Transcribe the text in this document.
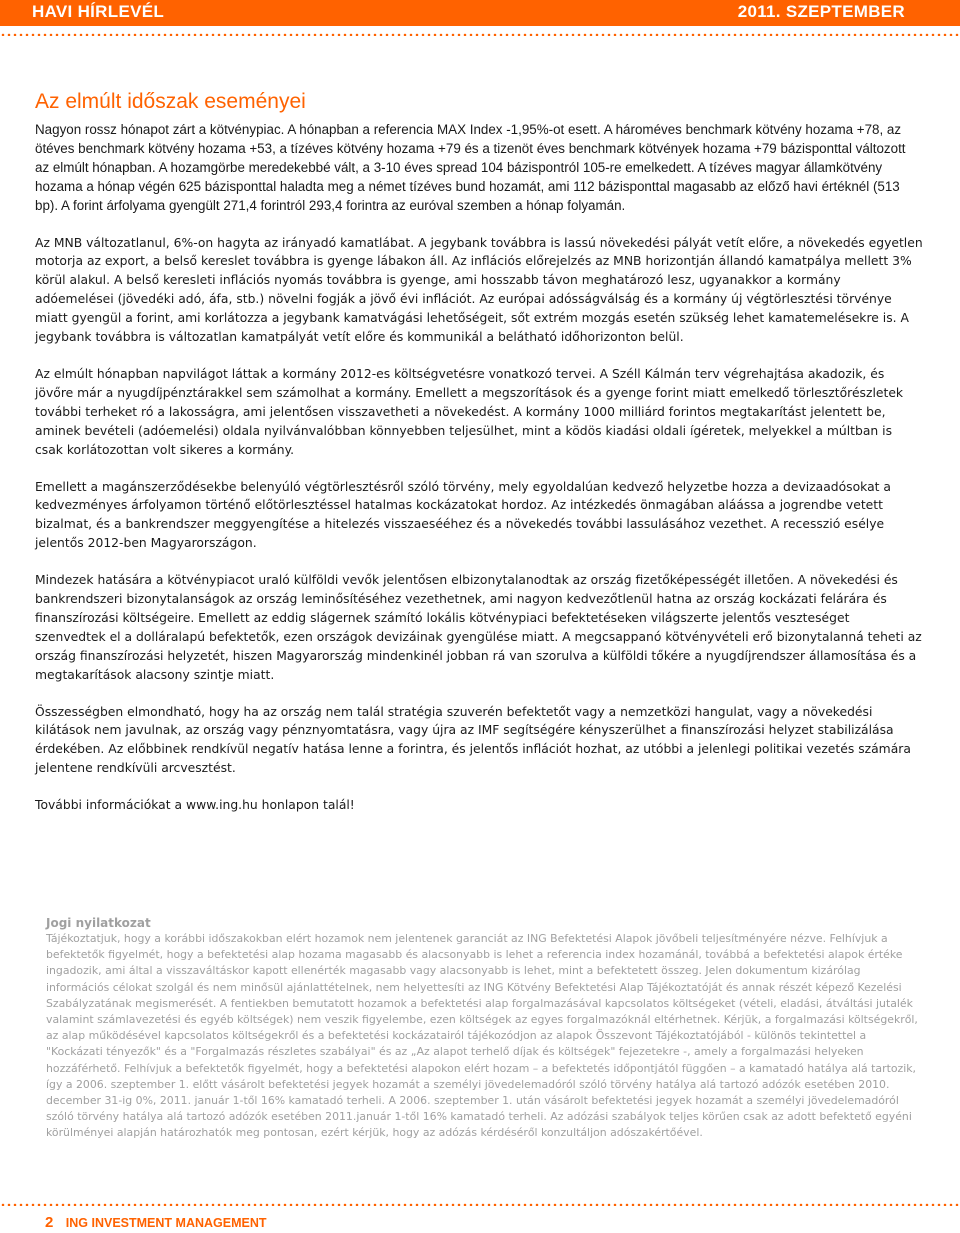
HAVI HÍRLEVÉL	2011. SZEPTEMBER
Az elmúlt időszak eseményei

Nagyon rossz hónapot zárt a kötvénypiac. A hónapban a referencia MAX Index -1,95%-ot esett. A hároméves benchmark kötvény hozama +78, az ötéves benchmark kötvény hozama +53, a tízéves kötvény hozama +79 és a tizenöt éves benchmark kötvények hozama +79 bázisponttal változott az elmúlt hónapban. A hozamgörbe meredekebbé vált, a 3-10 éves spread 104 bázispontról 105-re emelkedett. A tízéves magyar államkötvény hozama a hónap végén 625 bázisponttal haladta meg a német tízéves bund hozamát, ami 112 bázisponttal magasabb az előző havi értéknél (513 bp). A forint árfolyama gyengült 271,4 forintról 293,4 forintra az euróval szemben a hónap folyamán.

Az MNB változatlanul, 6%-on hagyta az irányadó kamatlábat. A jegybank továbbra is lassú növekedési pályát vetít előre, a növekedés egyetlen motorja az export, a belső kereslet továbbra is gyenge lábakon áll. Az inflációs előrejelzés az MNB horizontján állandó kamatpálya mellett 3% körül alakul. A belső keresleti inflációs nyomás továbbra is gyenge, ami hosszabb távon meghatározó lesz, ugyanakkor a kormány adóemelései (jövedéki adó, áfa, stb.) növelni fogják a jövő évi inflációt. Az európai adósságválság és a kormány új végtörlesztési törvénye miatt gyengül a forint, ami korlátozza a jegybank kamatvágási lehetőségeit, sőt extrém mozgás esetén szükség lehet kamatemelésekre is. A jegybank továbbra is változatlan kamatpályát vetít előre és kommunikál a belátható időhorizonton belül.

Az elmúlt hónapban napvilágot láttak a kormány 2012-es költségvetésre vonatkozó tervei. A Széll Kálmán terv végrehajtása akadozik, és jövőre már a nyugdíjpénztárakkel sem számolhat a kormány. Emellett a megszorítások és a gyenge forint miatt emelkedő törlesztőrészletek további terheket ró a lakosságra, ami jelentősen visszavetheti a növekedést. A kormány 1000 milliárd forintos megtakarítást jelentett be, aminek bevételi (adóemelési) oldala nyilvánvalóbban könnyebben teljesülhet, mint a ködös kiadási oldali ígéretek, melyekkel a múltban is csak korlátozottan volt sikeres a kormány.

Emellett a magánszerződésekbe belenyúló végtörlesztésről szóló törvény, mely egyoldalúan kedvező helyzetbe hozza a devizaadósokat a kedvezményes árfolyamon történő előtörlesztéssel hatalmas kockázatokat hordoz. Az intézkedés önmagában aláássa a jogrendbe vetett bizalmat, és a bankrendszer meggyengítése a hitelezés visszaesééhez és a növekedés további lassulásához vezethet. A recesszió esélye jelentős 2012-ben Magyarországon.

Mindezek hatására a kötvénypiacot uraló külföldi vevők jelentősen elbizonytalanodtak az ország fizetőképességét illetően. A növekedési és bankrendszeri bizonytalanságok az ország leminősítéséhez vezethetnek, ami nagyon kedvezőtlenül hatna az ország kockázati felárára és finanszírozási költségeire. Emellett az eddig slágernek számító lokális kötvénypiaci befektetéseken világszerte jelentős veszteséget szenvedtek el a dolláralapú befektetők, ezen országok devizáinak gyengülése miatt. A megcsappanó kötvényvételi erő bizonytalanná teheti az ország finanszírozási helyzetét, hiszen Magyarország mindenkinél jobban rá van szorulva a külföldi tőkére a nyugdíjrendszer államosítása és a megtakarítások alacsony szintje miatt.

Összességben elmondható, hogy ha az ország nem talál stratégia szuverén befektetőt vagy a nemzetközi hangulat, vagy a növekedési kilátások nem javulnak, az ország vagy pénznyomtatásra, vagy újra az IMF segítségére kényszerülhet a finanszírozási helyzet stabilizálása érdekében. Az előbbinek rendkívül negatív hatása lenne a forintra, és jelentős inflációt hozhat, az utóbbi a jelenlegi politikai vezetés számára jelentene rendkívüli arcvesztést.

További információkat a www.ing.hu honlapon talál!

Jogi nyilatkozat

Tájékoztatjuk, hogy a korábbi időszakokban elért hozamok nem jelentenek garanciát az ING Befektetési Alapok jövőbeli teljesítményére nézve. Felhívjuk a befektetők figyelmét, hogy a befektetési alap hozama magasabb és alacsonyabb is lehet a referencia index hozamánál, továbbá a befektetési alapok értéke ingadozik, ami által a visszaváltáskor kapott ellenérték magasabb vagy alacsonyabb is lehet, mint a befektetett összeg. Jelen dokumentum kizárólag információs célokat szolgál és nem minősül ajánlattételnek, nem helyettesíti az ING Kötvény Befektetési Alap Tájékoztatóját és annak részét képező Kezelési Szabályzatának megismerését. A fentiekben bemutatott hozamok a befektetési alap forgalmazásával kapcsolatos költségeket (vételi, eladási, átváltási jutalék valamint számlavezetési és egyéb költségek) nem veszik figyelembe, ezen költségek az egyes forgalmazóknál eltérhetnek. Kérjük, a forgalmazási költségekről, az alap működésével kapcsolatos költségekről és a befektetési kockázatairól tájékozódjon az alapok Összevont Tájékoztatójából - különös tekintettel a "Kockázati tényezők" és a "Forgalmazás részletes szabályai" és az „Az alapot terhelő díjak és költségek" fejezetekre -, amely a forgalmazási helyeken hozzáférhető. Felhívjuk a befektetők figyelmét, hogy a befektetési alapokon elért hozam – a befektetés időpontjától függően – a kamatadó hatálya alá tartozik, így a 2006. szeptember 1. előtt vásárolt befektetési jegyek hozamát a személyi jövedelemadóról szóló törvény hatálya alá tartozó adózók esetében 2010. december 31-ig 0%, 2011. január 1-től 16% kamatadó terheli. A 2006. szeptember 1. után vásárolt befektetési jegyek hozamát a személyi jövedelemadóról szóló törvény hatálya alá tartozó adózók esetében 2011.január 1-től 16% kamatadó terheli. Az adózási szabályok teljes körűen csak az adott befektető egyéni körülményei alapján határozhatók meg pontosan, ezért kérjük, hogy az adózás kérdéséről konzultáljon adószakértőével.

2 ING INVESTMENT MANAGEMENT
